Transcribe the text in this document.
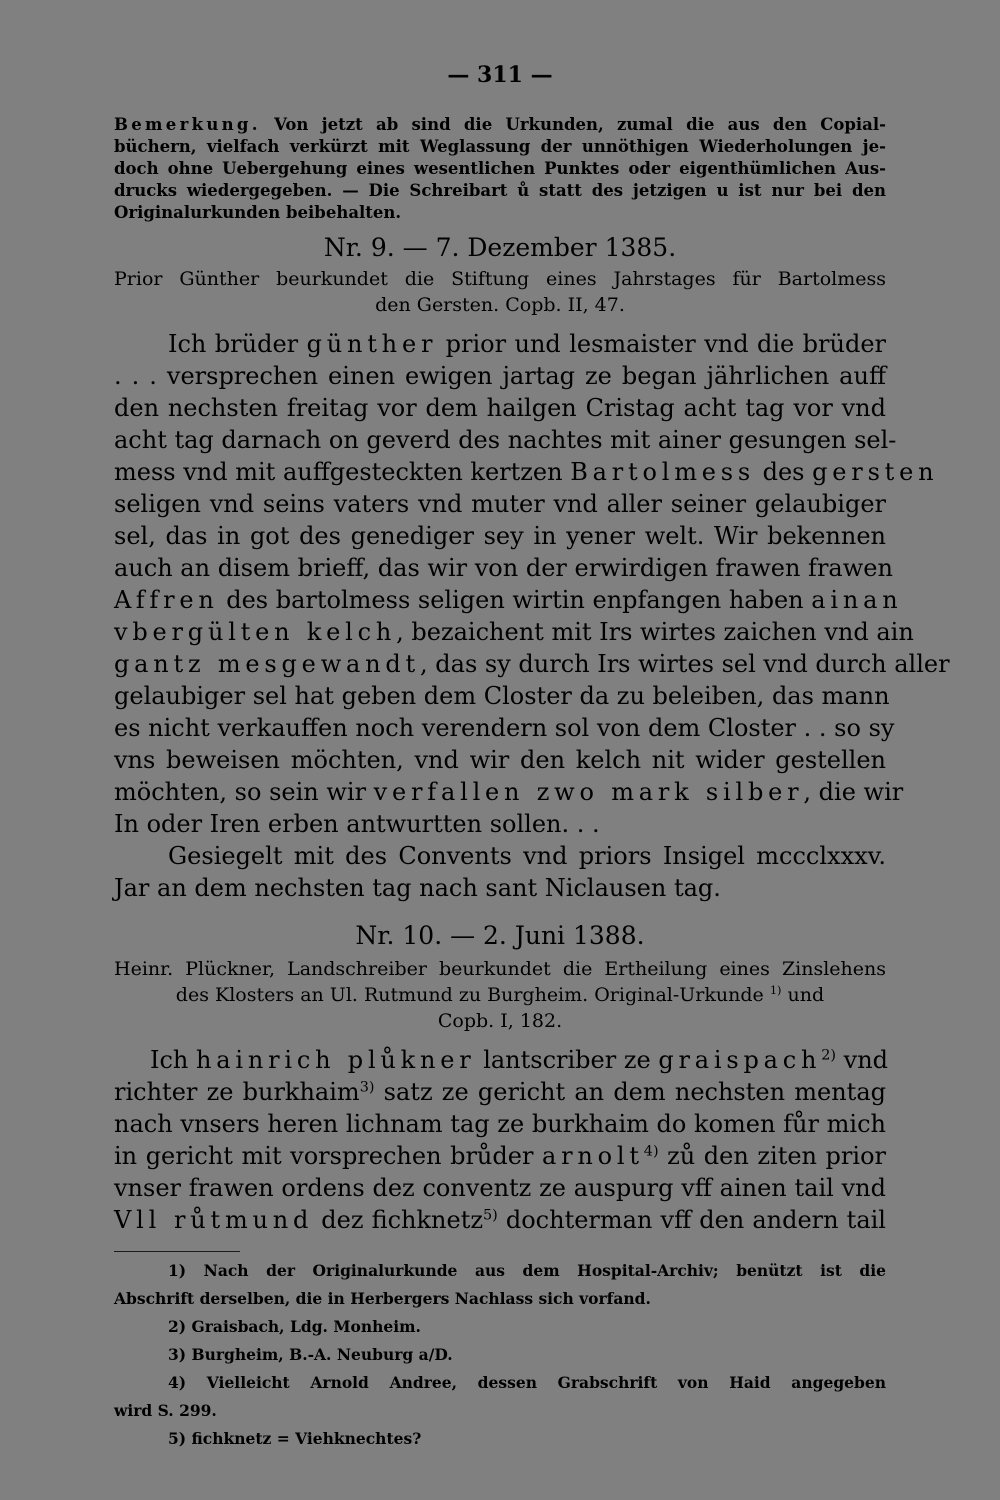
— 311 —
Bemerkung. Von jetzt ab sind die Urkunden, zumal die aus den Copial-
büchern, vielfach verkürzt mit Weglassung der unnöthigen Wiederholungen je-
doch ohne Uebergehung eines wesentlichen Punktes oder eigenthümlichen Aus-
drucks wiedergegeben. — Die Schreibart ů statt des jetzigen u ist nur bei den
Originalurkunden beibehalten.
Nr. 9. — 7. Dezember 1385.
Prior Günther beurkundet die Stiftung eines Jahrstages für Bartolmess
den Gersten. Copb. II, 47.
Ich brüder günther prior und lesmaister vnd die brüder
. . . versprechen einen ewigen jartag ze began jährlichen auff
den nechsten freitag vor dem hailgen Cristag acht tag vor vnd
acht tag darnach on geverd des nachtes mit ainer gesungen sel-
mess vnd mit auffgesteckten kertzen Bartolmess des gersten
seligen vnd seins vaters vnd muter vnd aller seiner gelaubiger
sel, das in got des genediger sey in yener welt. Wir bekennen
auch an disem brieff, das wir von der erwirdigen frawen frawen
Affren des bartolmess seligen wirtin enpfangen haben ainan
vbergülten kelch, bezaichent mit Irs wirtes zaichen vnd ain
gantz mesgewandt, das sy durch Irs wirtes sel vnd durch aller
gelaubiger sel hat geben dem Closter da zu beleiben, das mann
es nicht verkauffen noch verendern sol von dem Closter . . so sy
vns beweisen möchten, vnd wir den kelch nit wider gestellen
möchten, so sein wir verfallen zwo mark silber, die wir
In oder Iren erben antwurtten sollen. . .
Gesiegelt mit des Convents vnd priors Insigel mccclxxxv.
Jar an dem nechsten tag nach sant Niclausen tag.
Nr. 10. — 2. Juni 1388.
Heinr. Plückner, Landschreiber beurkundet die Ertheilung eines Zinslehens
des Klosters an Ul. Rutmund zu Burgheim. Original-Urkunde $^{1)}$ und
Copb. I, 182.
Ich hainrich plůkner lantscriber ze graispach$^{2)}$ vnd
richter ze burkhaim$^{3)}$ satz ze gericht an dem nechsten mentag
nach vnsers heren lichnam tag ze burkhaim do komen fůr mich
in gericht mit vorsprechen brůder arnolt$^{4)}$ zů den ziten prior
vnser frawen ordens dez conventz ze auspurg vff ainen tail vnd
Vll růtmund dez fichknetz$^{5)}$ dochterman vff den andern tail
1) Nach der Originalurkunde aus dem Hospital-Archiv; benützt ist die
Abschrift derselben, die in Herbergers Nachlass sich vorfand.
2) Graisbach, Ldg. Monheim.
3) Burgheim, B.-A. Neuburg a/D.
4) Vielleicht Arnold Andree, dessen Grabschrift von Haid angegeben
wird S. 299.
5) fichknetz = Viehknechtes?
